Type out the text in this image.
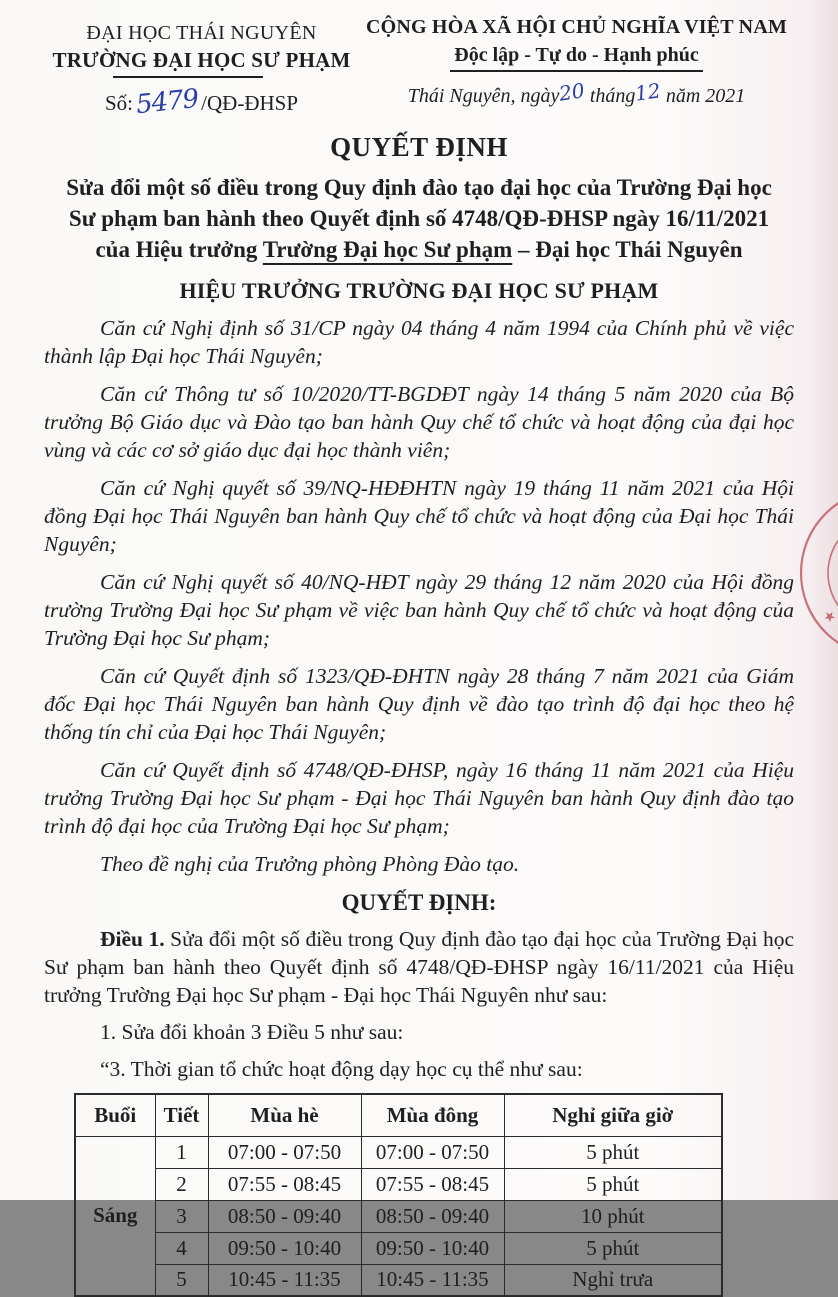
ĐẠI HỌC THÁI NGUYÊN
TRƯỜNG ĐẠI HỌC SƯ PHẠM
Số:5479/QĐ-ĐHSP
CỘNG HÒA XÃ HỘI CHỦ NGHĨA VIỆT NAM
Độc lập - Tự do - Hạnh phúc
Thái Nguyên, ngày20 tháng12 năm 2021
QUYẾT ĐỊNH
Sửa đổi một số điều trong Quy định đào tạo đại học của Trường Đại học
Sư phạm ban hành theo Quyết định số 4748/QĐ-ĐHSP ngày 16/11/2021
của Hiệu trưởng Trường Đại học Sư phạm – Đại học Thái Nguyên
HIỆU TRƯỞNG TRƯỜNG ĐẠI HỌC SƯ PHẠM

Căn cứ Nghị định số 31/CP ngày 04 tháng 4 năm 1994 của Chính phủ về việc thành lập Đại học Thái Nguyên;

Căn cứ Thông tư số 10/2020/TT-BGDĐT ngày 14 tháng 5 năm 2020 của Bộ trưởng Bộ Giáo dục và Đào tạo ban hành Quy chế tổ chức và hoạt động của đại học vùng và các cơ sở giáo dục đại học thành viên;

Căn cứ Nghị quyết số 39/NQ-HĐĐHTN ngày 19 tháng 11 năm 2021 của Hội đồng Đại học Thái Nguyên ban hành Quy chế tổ chức và hoạt động của Đại học Thái Nguyên;

Căn cứ Nghị quyết số 40/NQ-HĐT ngày 29 tháng 12 năm 2020 của Hội đồng trường Trường Đại học Sư phạm về việc ban hành Quy chế tổ chức và hoạt động của Trường Đại học Sư phạm;

Căn cứ Quyết định số 1323/QĐ-ĐHTN ngày 28 tháng 7 năm 2021 của Giám đốc Đại học Thái Nguyên ban hành Quy định về đào tạo trình độ đại học theo hệ thống tín chỉ của Đại học Thái Nguyên;

Căn cứ Quyết định số 4748/QĐ-ĐHSP, ngày 16 tháng 11 năm 2021 của Hiệu trưởng Trường Đại học Sư phạm - Đại học Thái Nguyên ban hành Quy định đào tạo trình độ đại học của Trường Đại học Sư phạm;

Theo đề nghị của Trưởng phòng Phòng Đào tạo.

QUYẾT ĐỊNH:

Điều 1. Sửa đổi một số điều trong Quy định đào tạo đại học của Trường Đại học Sư phạm ban hành theo Quyết định số 4748/QĐ-ĐHSP ngày 16/11/2021 của Hiệu trưởng Trường Đại học Sư phạm - Đại học Thái Nguyên như sau:

1. Sửa đổi khoản 3 Điều 5 như sau:

“3. Thời gian tổ chức hoạt động dạy học cụ thể như sau:

Buổi	Tiết	Mùa hè	Mùa đông	Nghỉ giữa giờ
Sáng	1	07:00 - 07:50	07:00 - 07:50	5 phút
	2	07:55 - 08:45	07:55 - 08:45	5 phút
	3	08:50 - 09:40	08:50 - 09:40	10 phút
	4	09:50 - 10:40	09:50 - 10:40	5 phút
	5	10:45 - 11:35	10:45 - 11:35	Nghỉ trưa
★
